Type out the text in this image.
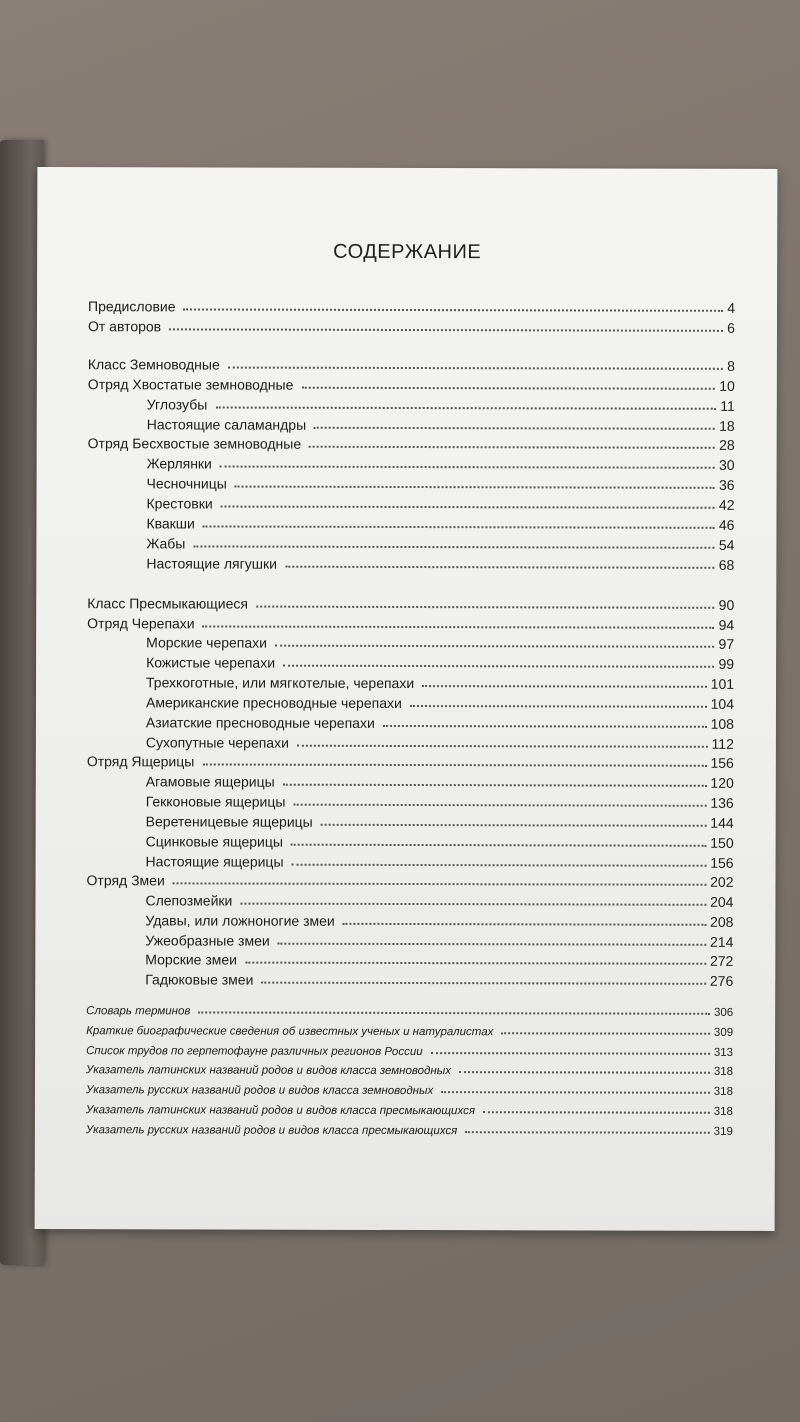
СОДЕРЖАНИЕ
Предисловие	4
От авторов	6
Класс Земноводные	8
Отряд Хвостатые земноводные	10
Углозубы	11
Настоящие саламандры	18
Отряд Бесхвостые земноводные	28
Жерлянки	30
Чесночницы	36
Крестовки	42
Квакши	46
Жабы	54
Настоящие лягушки	68
Класс Пресмыкающиеся	90
Отряд Черепахи	94
Морские черепахи	97
Кожистые черепахи	99
Трехкоготные, или мягкотелые, черепахи	101
Американские пресноводные черепахи	104
Азиатские пресноводные черепахи	108
Сухопутные черепахи	112
Отряд Ящерицы	156
Агамовые ящерицы	120
Гекконовые ящерицы	136
Веретеницевые ящерицы	144
Сцинковые ящерицы	150
Настоящие ящерицы	156
Отряд Змеи	202
Слепозмейки	204
Удавы, или ложноногие змеи	208
Ужеобразные змеи	214
Морские змеи	272
Гадюковые змеи	276
Словарь терминов	306
Краткие биографические сведения об известных ученых и натуралистах	309
Список трудов по герпетофауне различных регионов России	313
Указатель латинских названий родов и видов класса земноводных	318
Указатель русских названий родов и видов класса земноводных	318
Указатель латинских названий родов и видов класса пресмыкающихся	318
Указатель русских названий родов и видов класса пресмыкающихся	319
